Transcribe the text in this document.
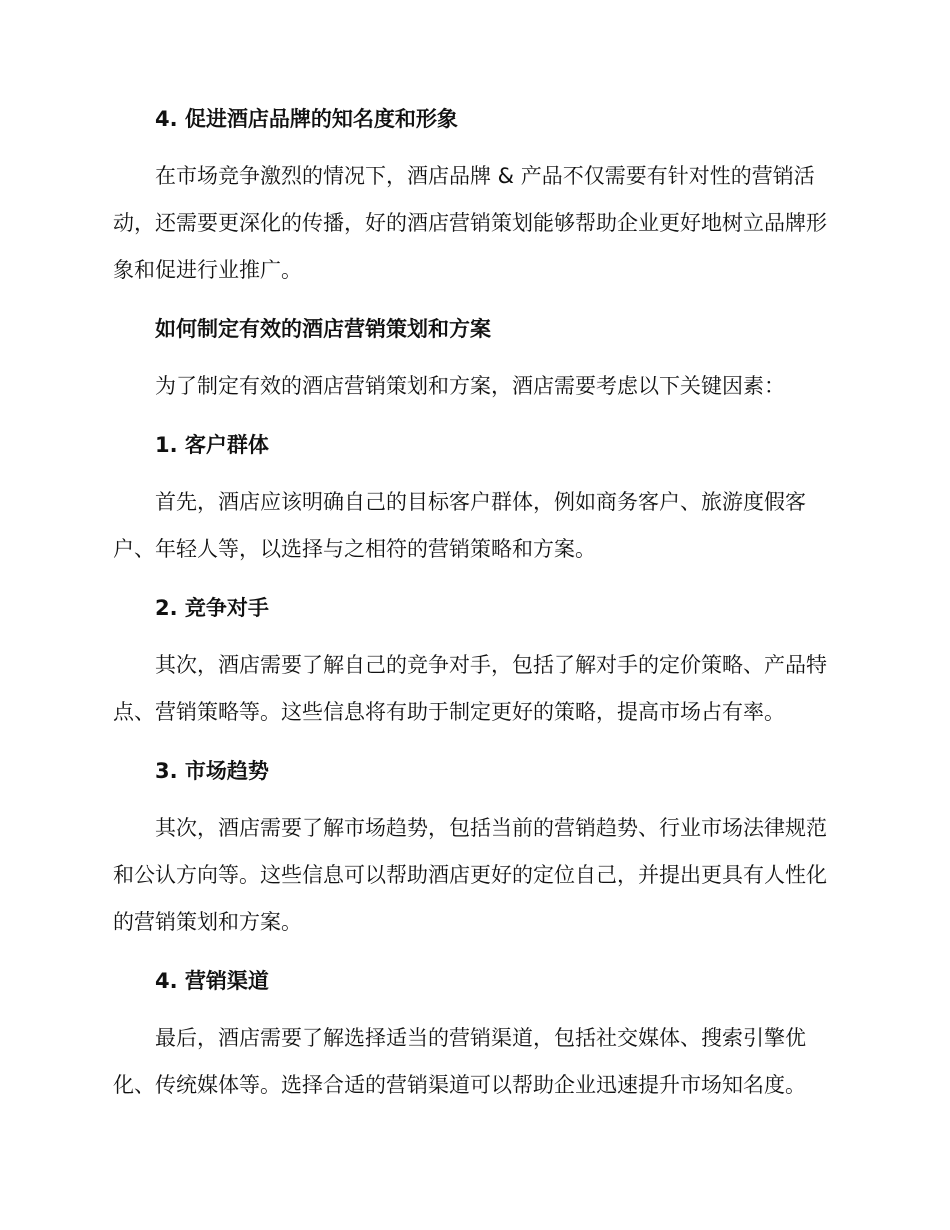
4. 促进酒店品牌的知名度和形象

在市场竞争激烈的情况下，酒店品牌 & 产品不仅需要有针对性的营销活动，还需要更深化的传播，好的酒店营销策划能够帮助企业更好地树立品牌形象和促进行业推广。

如何制定有效的酒店营销策划和方案

为了制定有效的酒店营销策划和方案，酒店需要考虑以下关键因素：

1. 客户群体

首先，酒店应该明确自己的目标客户群体，例如商务客户、旅游度假客户、年轻人等，以选择与之相符的营销策略和方案。

2. 竞争对手

其次，酒店需要了解自己的竞争对手，包括了解对手的定价策略、产品特点、营销策略等。这些信息将有助于制定更好的策略，提高市场占有率。

3. 市场趋势

其次，酒店需要了解市场趋势，包括当前的营销趋势、行业市场法律规范和公认方向等。这些信息可以帮助酒店更好的定位自己，并提出更具有人性化的营销策划和方案。

4. 营销渠道

最后，酒店需要了解选择适当的营销渠道，包括社交媒体、搜索引擎优化、传统媒体等。选择合适的营销渠道可以帮助企业迅速提升市场知名度。
